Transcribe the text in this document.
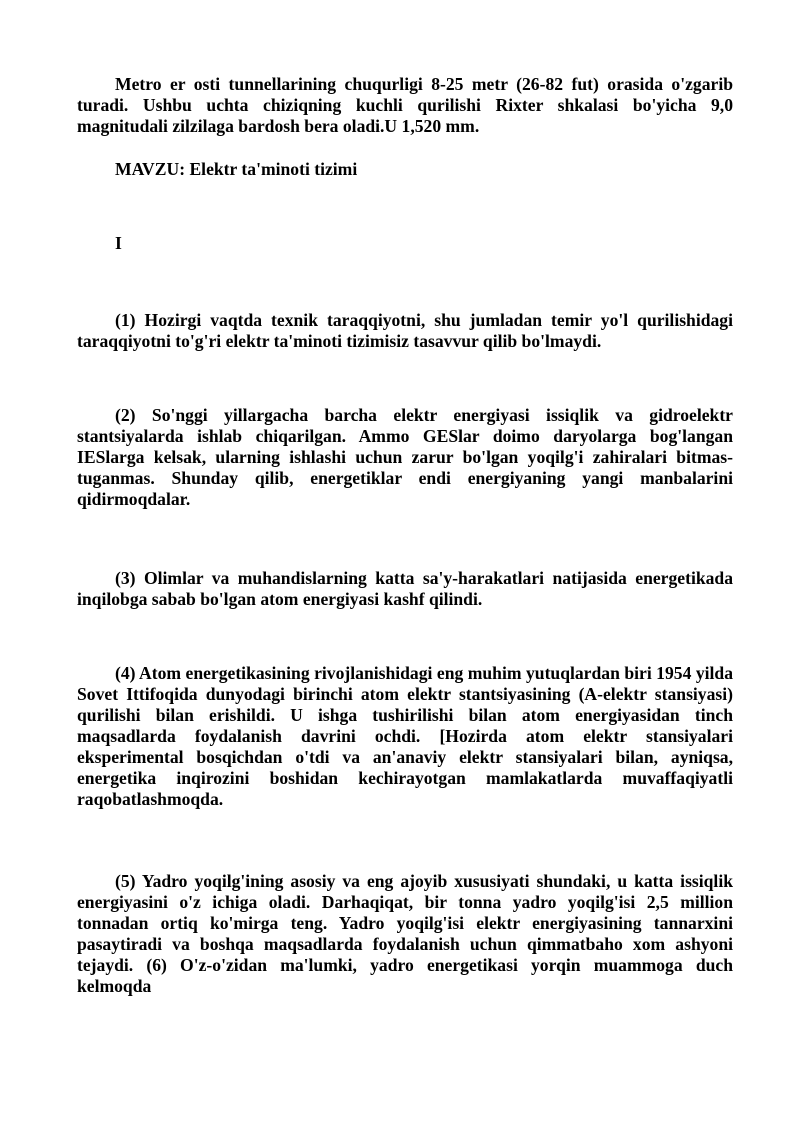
Metro er osti tunnellarining chuqurligi 8-25 metr (26-82 fut) orasida o'zgarib turadi. Ushbu uchta chiziqning kuchli qurilishi Rixter shkalasi bo'yicha 9,0 magnitudali zilzilaga bardosh bera oladi.U 1,520 mm.

MAVZU: Elektr ta'minoti tizimi

I

(1) Hozirgi vaqtda texnik taraqqiyotni, shu jumladan temir yo'l qurilishidagi taraqqiyotni to'g'ri elektr ta'minoti tizimisiz tasavvur qilib bo'lmaydi.

(2) So'nggi yillargacha barcha elektr energiyasi issiqlik va gidroelektr stantsiyalarda ishlab chiqarilgan. Ammo GESlar doimo daryolarga bog'langan IESlarga kelsak, ularning ishlashi uchun zarur bo'lgan yoqilg'i zahiralari bitmas-tuganmas. Shunday qilib, energetiklar endi energiyaning yangi manbalarini qidirmoqdalar.

(3) Olimlar va muhandislarning katta sa'y-harakatlari natijasida energetikada inqilobga sabab bo'lgan atom energiyasi kashf qilindi.

(4) Atom energetikasining rivojlanishidagi eng muhim yutuqlardan biri 1954 yilda Sovet Ittifoqida dunyodagi birinchi atom elektr stantsiyasining (A-elektr stansiyasi) qurilishi bilan erishildi. U ishga tushirilishi bilan atom energiyasidan tinch maqsadlarda foydalanish davrini ochdi. [Hozirda atom elektr stansiyalari eksperimental bosqichdan o'tdi va an'anaviy elektr stansiyalari bilan, ayniqsa, energetika inqirozini boshidan kechirayotgan mamlakatlarda muvaffaqiyatli raqobatlashmoqda.

(5) Yadro yoqilg'ining asosiy va eng ajoyib xususiyati shundaki, u katta issiqlik energiyasini o'z ichiga oladi. Darhaqiqat, bir tonna yadro yoqilg'isi 2,5 million tonnadan ortiq ko'mirga teng. Yadro yoqilg'isi elektr energiyasining tannarxini pasaytiradi va boshqa maqsadlarda foydalanish uchun qimmatbaho xom ashyoni tejaydi. (6) O'z-o'zidan ma'lumki, yadro energetikasi yorqin muammoga duch kelmoqda
